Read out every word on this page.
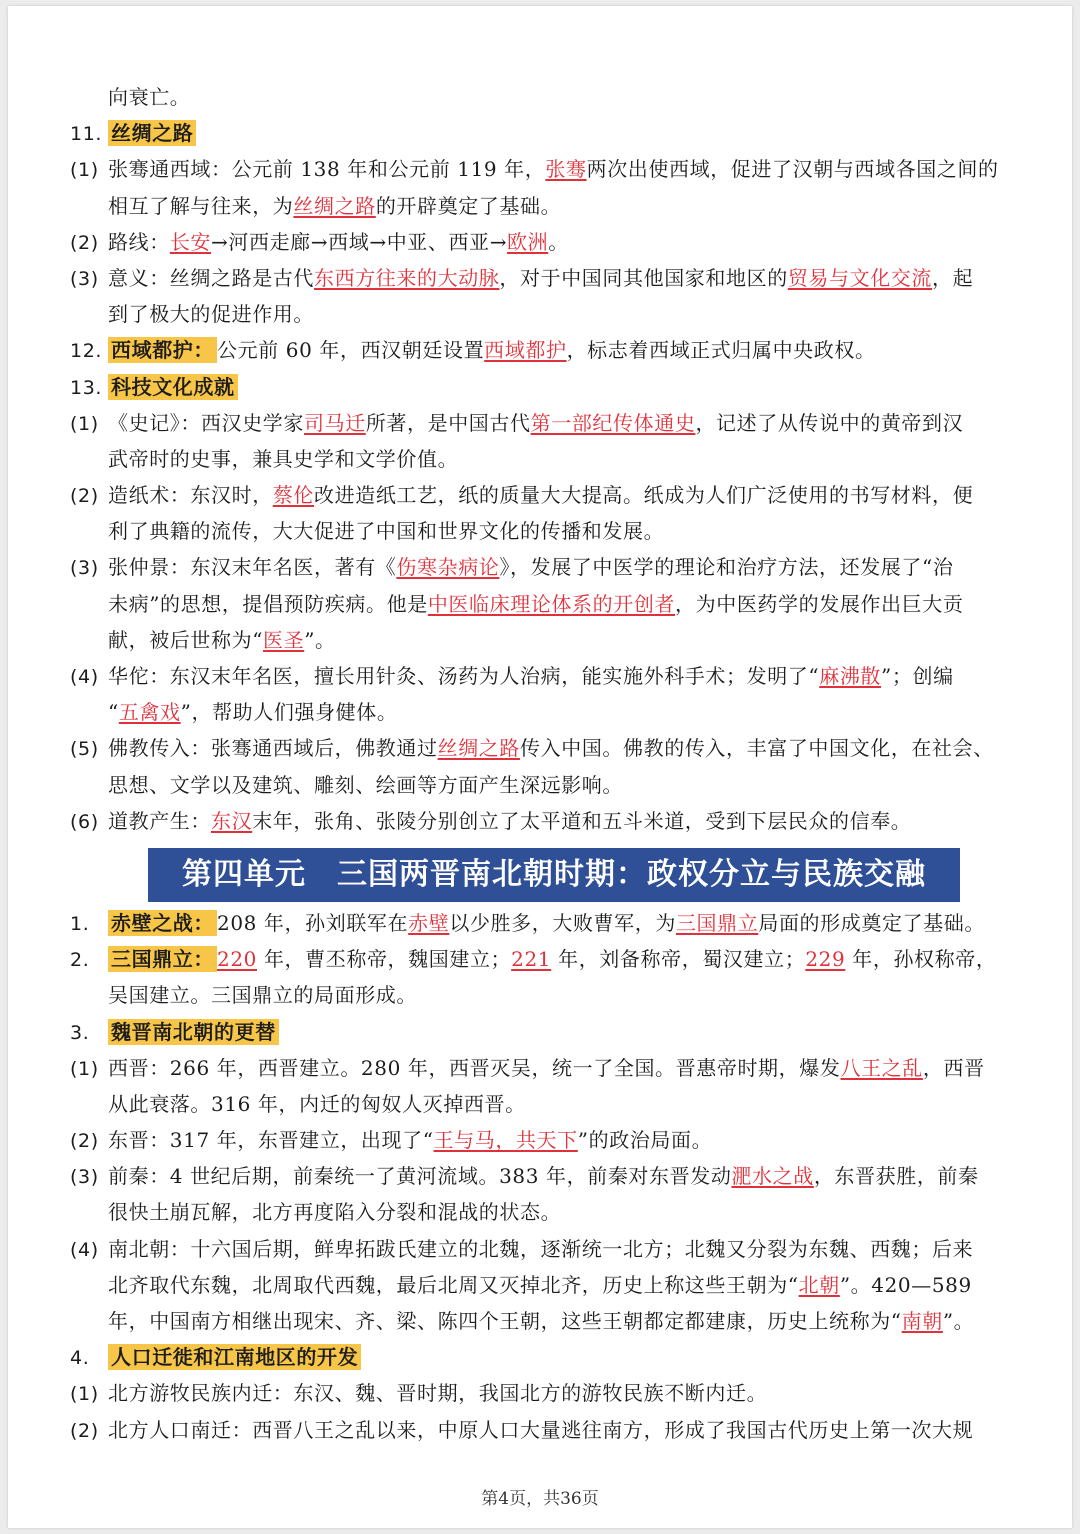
向衰亡。
11. 丝绸之路
(1) 张骞通西域：公元前 138 年和公元前 119 年，张骞两次出使西域，促进了汉朝与西域各国之间的
相互了解与往来，为丝绸之路的开辟奠定了基础。
(2) 路线：长安→河西走廊→西域→中亚、西亚→欧洲。
(3) 意义：丝绸之路是古代东西方往来的大动脉，对于中国同其他国家和地区的贸易与文化交流，起
到了极大的促进作用。
12. 西域都护： 公元前 60 年，西汉朝廷设置西域都护，标志着西域正式归属中央政权。
13. 科技文化成就
(1) 《史记》：西汉史学家司马迁所著，是中国古代第一部纪传体通史，记述了从传说中的黄帝到汉
武帝时的史事，兼具史学和文学价值。
(2) 造纸术：东汉时，蔡伦改进造纸工艺，纸的质量大大提高。纸成为人们广泛使用的书写材料，便
利了典籍的流传，大大促进了中国和世界文化的传播和发展。
(3) 张仲景：东汉末年名医，著有《伤寒杂病论》，发展了中医学的理论和治疗方法，还发展了“治
未病”的思想，提倡预防疾病。他是中医临床理论体系的开创者，为中医药学的发展作出巨大贡
献，被后世称为“医圣”。
(4) 华佗：东汉末年名医，擅长用针灸、汤药为人治病，能实施外科手术；发明了“麻沸散”；创编
“五禽戏”，帮助人们强身健体。
(5) 佛教传入：张骞通西域后，佛教通过丝绸之路传入中国。佛教的传入，丰富了中国文化，在社会、
思想、文学以及建筑、雕刻、绘画等方面产生深远影响。
(6) 道教产生：东汉末年，张角、张陵分别创立了太平道和五斗米道，受到下层民众的信奉。
第四单元　三国两晋南北朝时期：政权分立与民族交融
1. 赤壁之战： 208 年，孙刘联军在赤壁以少胜多，大败曹军，为三国鼎立局面的形成奠定了基础。
2. 三国鼎立： 220 年，曹丕称帝，魏国建立；221 年，刘备称帝，蜀汉建立；229 年，孙权称帝，
吴国建立。三国鼎立的局面形成。
3. 魏晋南北朝的更替
(1) 西晋：266 年，西晋建立。280 年，西晋灭吴，统一了全国。晋惠帝时期，爆发八王之乱，西晋
从此衰落。316 年，内迁的匈奴人灭掉西晋。
(2) 东晋：317 年，东晋建立，出现了“王与马，共天下”的政治局面。
(3) 前秦：4 世纪后期，前秦统一了黄河流域。383 年，前秦对东晋发动淝水之战，东晋获胜，前秦
很快土崩瓦解，北方再度陷入分裂和混战的状态。
(4) 南北朝：十六国后期，鲜卑拓跋氏建立的北魏，逐渐统一北方；北魏又分裂为东魏、西魏；后来
北齐取代东魏，北周取代西魏，最后北周又灭掉北齐，历史上称这些王朝为“北朝”。420—589
年，中国南方相继出现宋、齐、梁、陈四个王朝，这些王朝都定都建康，历史上统称为“南朝”。
4. 人口迁徙和江南地区的开发
(1) 北方游牧民族内迁：东汉、魏、晋时期，我国北方的游牧民族不断内迁。
(2) 北方人口南迁：西晋八王之乱以来，中原人口大量逃往南方，形成了我国古代历史上第一次大规
第4页，共36页
